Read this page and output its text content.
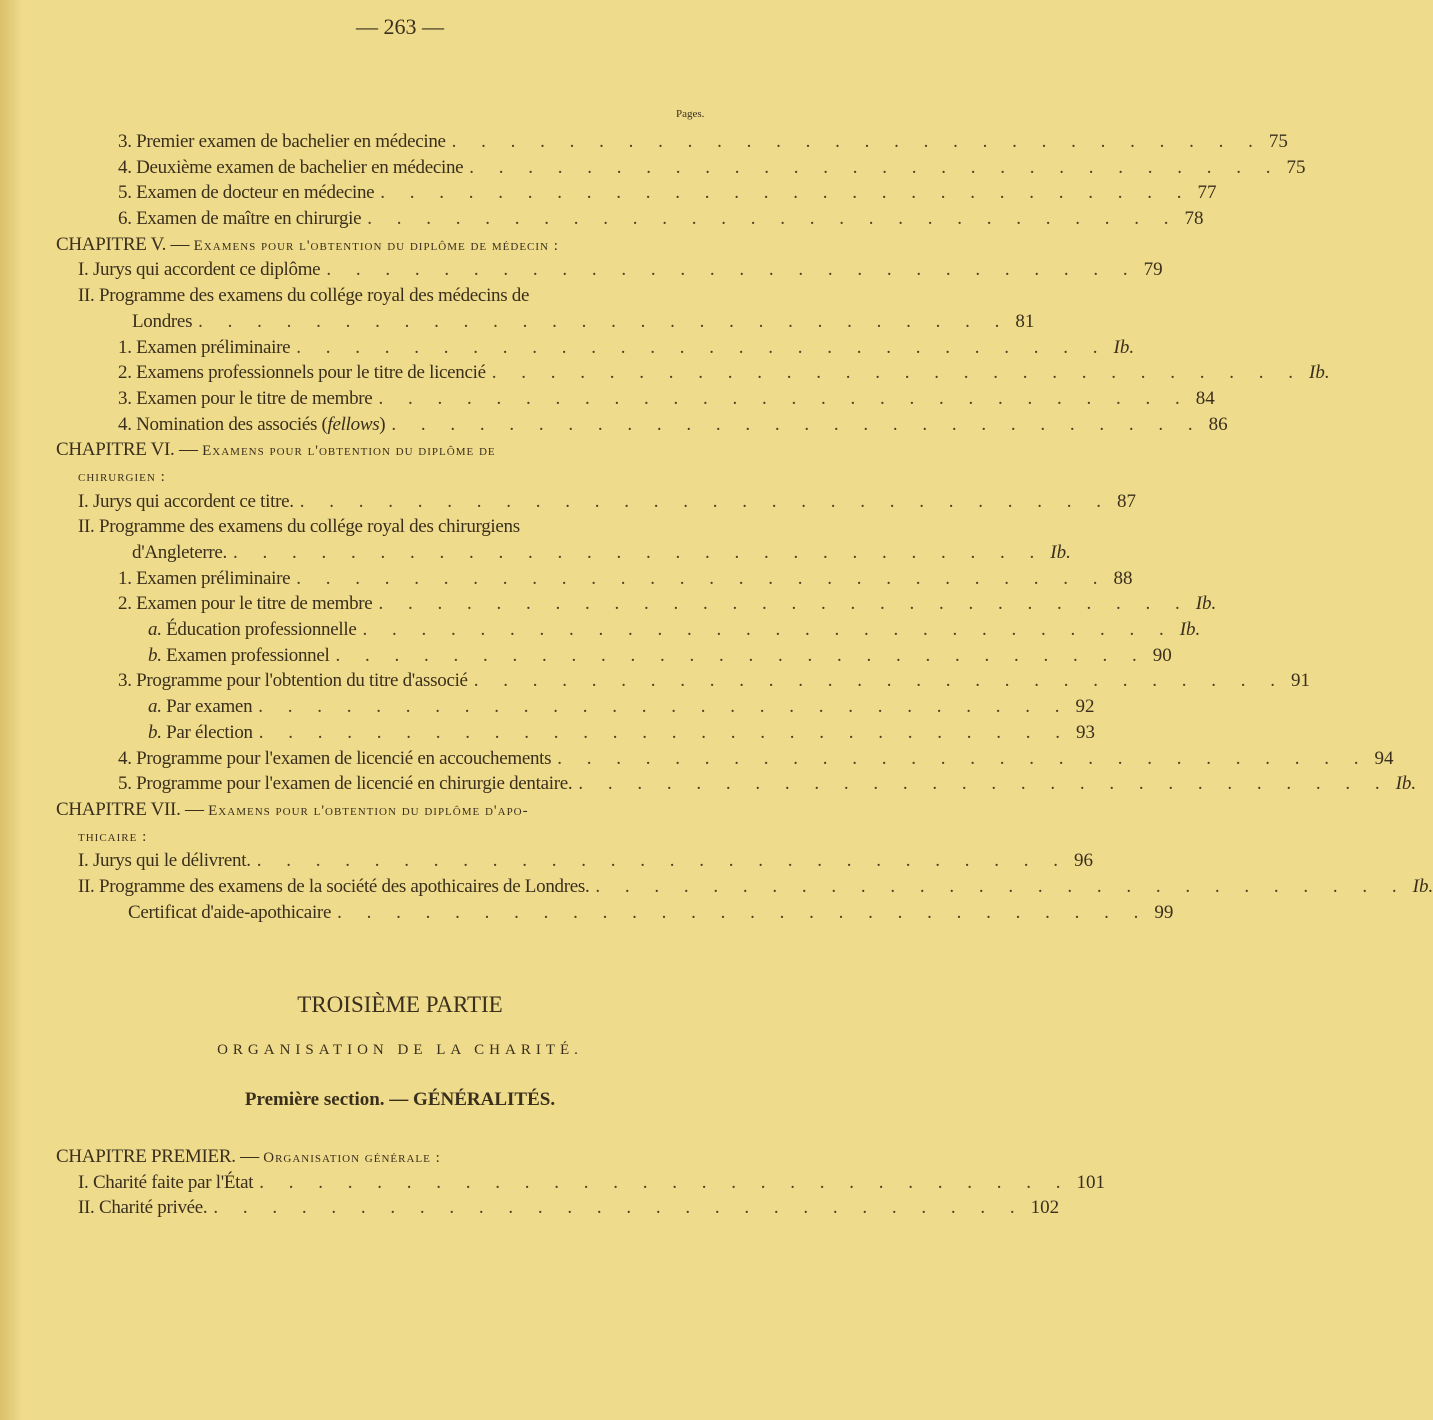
— 263 —
Pages.
3. Premier examen de bachelier en médecine . . . . . . . . . . . . . . . . . . . . . . . . . . . . 75
4. Deuxième examen de bachelier en médecine . . . . . . . . . . . . . . . . . . . . . . . . . . . . 75
5. Examen de docteur en médecine . . . . . . . . . . . . . . . . . . . . . . . . . . . . 77
6. Examen de maître en chirurgie . . . . . . . . . . . . . . . . . . . . . . . . . . . . 78
CHAPITRE V. — Examens pour l'obtention du diplôme de médecin :
I. Jurys qui accordent ce diplôme . . . . . . . . . . . . . . . . . . . . . . . . . . . . 79
II. Programme des examens du collége royal des médecins de
Londres . . . . . . . . . . . . . . . . . . . . . . . . . . . . 81
1. Examen préliminaire . . . . . . . . . . . . . . . . . . . . . . . . . . . . Ib.
2. Examens professionnels pour le titre de licencié . . . . . . . . . . . . . . . . . . . . . . . . . . . . Ib.
3. Examen pour le titre de membre . . . . . . . . . . . . . . . . . . . . . . . . . . . . 84
4. Nomination des associés (fellows) . . . . . . . . . . . . . . . . . . . . . . . . . . . . 86
CHAPITRE VI. — Examens pour l'obtention du diplôme de
chirurgien :
I. Jurys qui accordent ce titre. . . . . . . . . . . . . . . . . . . . . . . . . . . . . 87
II. Programme des examens du collége royal des chirurgiens
d'Angleterre. . . . . . . . . . . . . . . . . . . . . . . . . . . . . Ib.
1. Examen préliminaire . . . . . . . . . . . . . . . . . . . . . . . . . . . . 88
2. Examen pour le titre de membre . . . . . . . . . . . . . . . . . . . . . . . . . . . . Ib.
a. Éducation professionnelle . . . . . . . . . . . . . . . . . . . . . . . . . . . . Ib.
b. Examen professionnel . . . . . . . . . . . . . . . . . . . . . . . . . . . . 90
3. Programme pour l'obtention du titre d'associé . . . . . . . . . . . . . . . . . . . . . . . . . . . . 91
a. Par examen . . . . . . . . . . . . . . . . . . . . . . . . . . . . 92
b. Par élection . . . . . . . . . . . . . . . . . . . . . . . . . . . . 93
4. Programme pour l'examen de licencié en accouchements . . . . . . . . . . . . . . . . . . . . . . . . . . . . 94
5. Programme pour l'examen de licencié en chirurgie dentaire. . . . . . . . . . . . . . . . . . . . . . . . . . . . . Ib.
CHAPITRE VII. — Examens pour l'obtention du diplôme d'apo-
thicaire :
I. Jurys qui le délivrent. . . . . . . . . . . . . . . . . . . . . . . . . . . . . 96
II. Programme des examens de la société des apothicaires de Londres. . . . . . . . . . . . . . . . . . . . . . . . . . . . . Ib.
Certificat d'aide-apothicaire . . . . . . . . . . . . . . . . . . . . . . . . . . . . 99
TROISIÈME PARTIE
ORGANISATION DE LA CHARITÉ.
Première section. — GÉNÉRALITÉS.
CHAPITRE PREMIER. — Organisation générale :
I. Charité faite par l'État . . . . . . . . . . . . . . . . . . . . . . . . . . . . 101
II. Charité privée. . . . . . . . . . . . . . . . . . . . . . . . . . . . . 102
